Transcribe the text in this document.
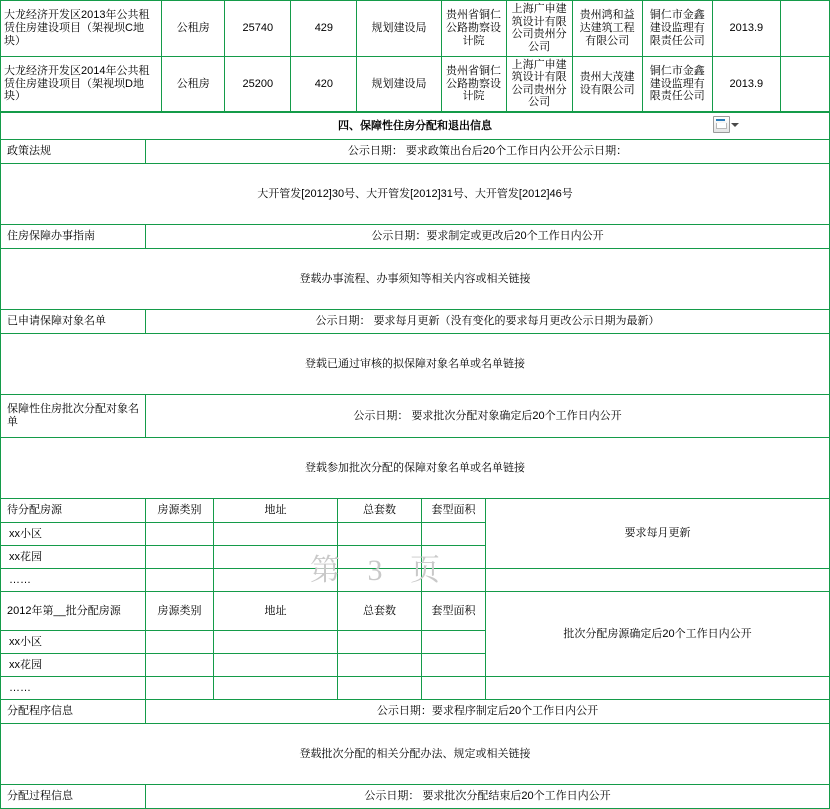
大龙经济开发区2013年公共租赁住房建设项目（架视坝C地块）	公租房	25740	429	规划建设局	贵州省铜仁公路勘察设计院	上海广申建筑设计有限公司贵州分公司	贵州鸿和益达建筑工程有限公司	铜仁市金鑫建设监理有限责任公司	2013.9	
大龙经济开发区2014年公共租赁住房建设项目（架视坝D地块）	公租房	25200	420	规划建设局	贵州省铜仁公路勘察设计院	上海广申建筑设计有限公司贵州分公司	贵州大茂建设有限公司	铜仁市金鑫建设监理有限责任公司	2013.9	
四、保障性住房分配和退出信息					

政策法规	公示日期： 要求政策出台后20个工作日内公开公示日期：				
大开管发[2012]30号、大开管发[2012]31号、大开管发[2012]46号					
住房保障办事指南	公示日期：要求制定或更改后20个工作日内公开				
登载办事流程、办事须知等相关内容或相关链接					
已申请保障对象名单	公示日期： 要求每月更新（没有变化的要求每月更改公示日期为最新）				
登载已通过审核的拟保障对象名单或名单链接					
保障性住房批次分配对象名单	公示日期： 要求批次分配对象确定后20个工作日内公开				
登载参加批次分配的保障对象名单或名单链接					
待分配房源	房源类别	地址	总套数	套型面积	要求每月更新
xx小区					
xx花园					
……					
2012年第__批分配房源	房源类别	地址	总套数	套型面积	批次分配房源确定后20个工作日内公开
xx小区					
xx花园					
……					
分配程序信息	公示日期：要求程序制定后20个工作日内公开				
登载批次分配的相关分配办法、规定或相关链接					
分配过程信息	公示日期： 要求批次分配结束后20个工作日内公开				
第 3 页
